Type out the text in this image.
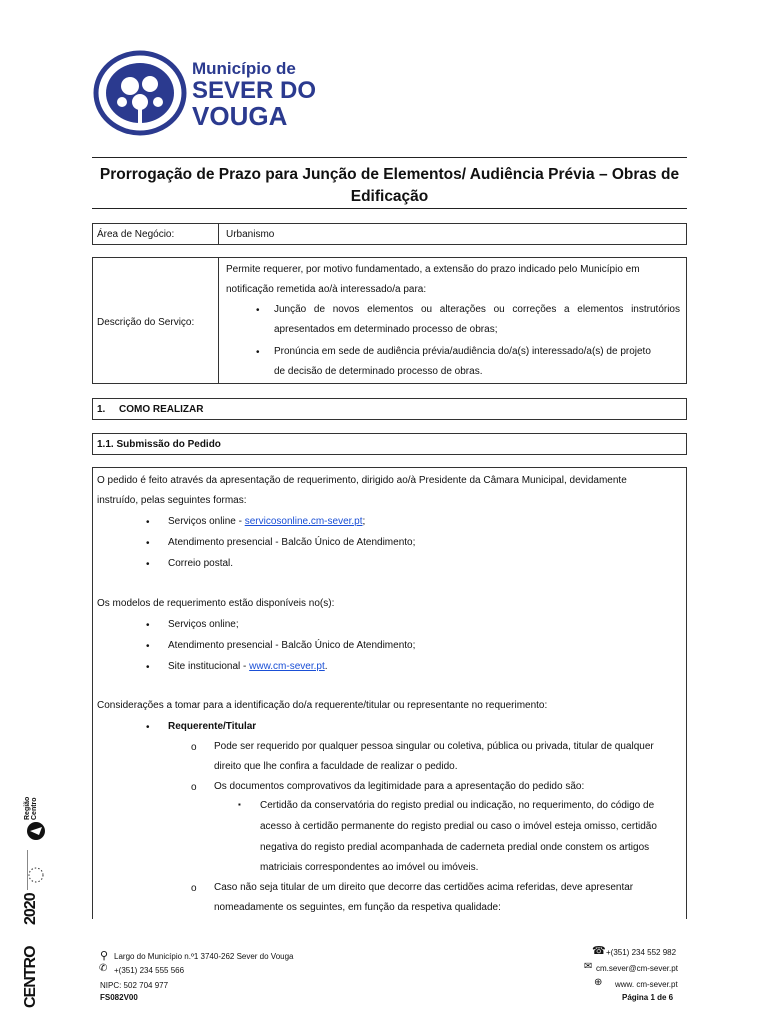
Município de
SEVER DO
VOUGA
Prorrogação de Prazo para Junção de Elementos/ Audiência Prévia – Obras de Edificação
Área de Negócio:	Urbanismo
Descrição do Serviço:
Permite requerer, por motivo fundamentado, a extensão do prazo indicado pelo Município em
notificação remetida ao/à interessado/a para:
• Junção de novos elementos ou alterações ou correções a elementos instrutórios
apresentados em determinado processo de obras;
• Pronúncia em sede de audiência prévia/audiência do/a(s) interessado/a(s) de projeto
de decisão de determinado processo de obras.
1. COMO REALIZAR
1.1. Submissão do Pedido
O pedido é feito através da apresentação de requerimento, dirigido ao/à Presidente da Câmara Municipal, devidamente
instruído, pelas seguintes formas:
• Serviços online - servicosonline.cm-sever.pt;
• Atendimento presencial - Balcão Único de Atendimento;
• Correio postal.
Os modelos de requerimento estão disponíveis no(s):
• Serviços online;
• Atendimento presencial - Balcão Único de Atendimento;
• Site institucional - www.cm-sever.pt.
Considerações a tomar para a identificação do/a requerente/titular ou representante no requerimento:
• Requerente/Titular
o Pode ser requerido por qualquer pessoa singular ou coletiva, pública ou privada, titular de qualquer
direito que lhe confira a faculdade de realizar o pedido.
o Os documentos comprovativos da legitimidade para a apresentação do pedido são:
▪ Certidão da conservatória do registo predial ou indicação, no requerimento, do código de
acesso à certidão permanente do registo predial ou caso o imóvel esteja omisso, certidão
negativa do registo predial acompanhada de caderneta predial onde constem os artigos
matriciais correspondentes ao imóvel ou imóveis.
o Caso não seja titular de um direito que decorre das certidões acima referidas, deve apresentar
nomeadamente os seguintes, em função da respetiva qualidade:
Região Centro
2020
CENTRO	⚲ Largo do Município n.º1 3740-262 Sever do Vouga
✆ +(351) 234 555 566
NIPC: 502 704 977
FS082V00
☎ +(351) 234 552 982
✉ cm.sever@cm-sever.pt
⊕ www. cm-sever.pt
Página 1 de 6
